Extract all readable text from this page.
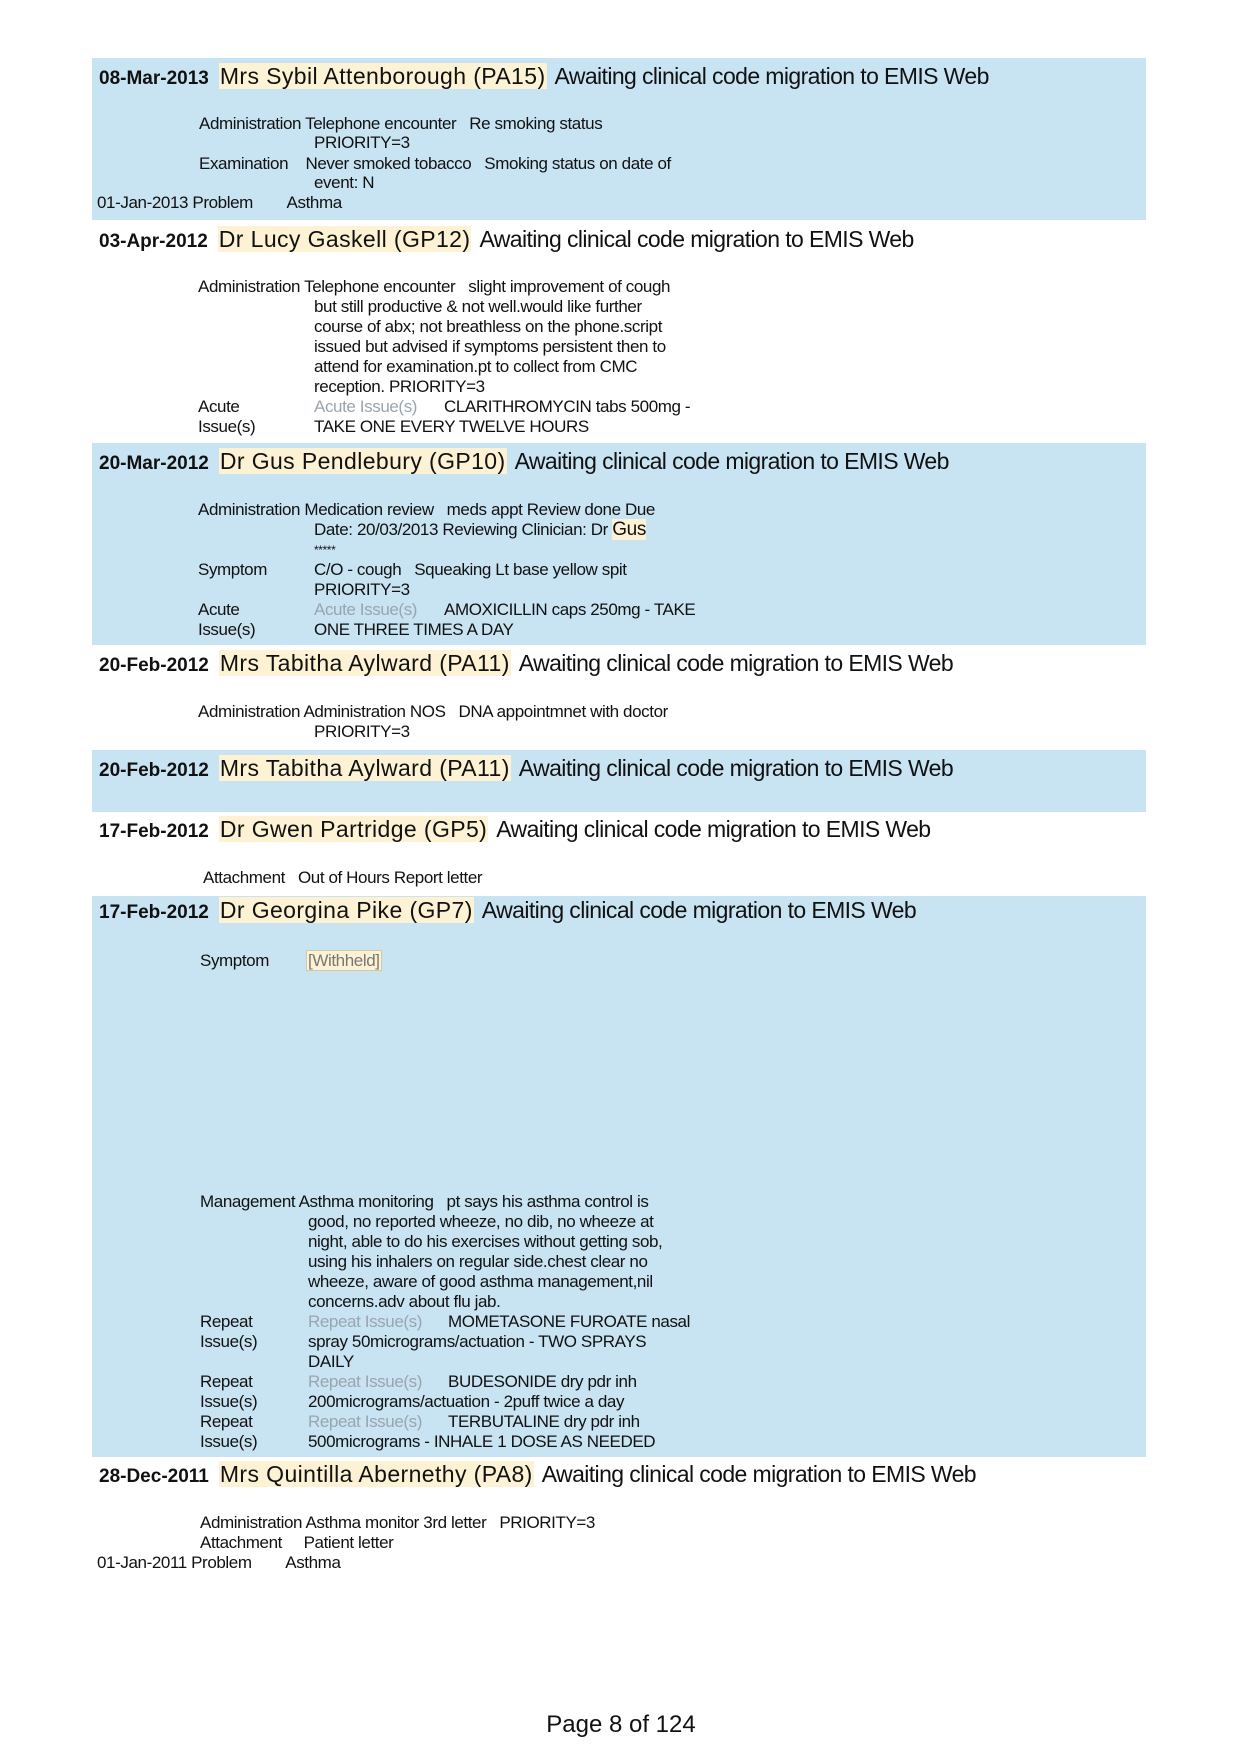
08-Mar-2013 Mrs Sybil Attenborough (PA15) Awaiting clinical code migration to EMIS Web
Administration Telephone encounter   Re smoking status
PRIORITY=3
Examination    Never smoked tobacco   Smoking status on date of
event: N
01-Jan-2013 Problem        Asthma
03-Apr-2012 Dr Lucy Gaskell (GP12) Awaiting clinical code migration to EMIS Web
Administration Telephone encounter   slight improvement of cough
but still productive & not well.would like further
course of abx; not breathless on the phone.script
issued but advised if symptoms persistent then to
attend for examination.pt to collect from CMC
reception. PRIORITY=3
Acute	Acute Issue(s) CLARITHROMYCIN tabs 500mg -
Issue(s)	TAKE ONE EVERY TWELVE HOURS
20-Mar-2012 Dr Gus Pendlebury (GP10) Awaiting clinical code migration to EMIS Web
Administration Medication review   meds appt Review done Due
Date: 20/03/2013 Reviewing Clinician: Dr Gus
*****
Symptom	C/O - cough   Squeaking Lt base yellow spit
PRIORITY=3
Acute	Acute Issue(s) AMOXICILLIN caps 250mg - TAKE
Issue(s)	ONE THREE TIMES A DAY
20-Feb-2012 Mrs Tabitha Aylward (PA11) Awaiting clinical code migration to EMIS Web
Administration Administration NOS   DNA appointmnet with doctor
PRIORITY=3
20-Feb-2012 Mrs Tabitha Aylward (PA11) Awaiting clinical code migration to EMIS Web
17-Feb-2012 Dr Gwen Partridge (GP5) Awaiting clinical code migration to EMIS Web
Attachment   Out of Hours Report letter
17-Feb-2012 Dr Georgina Pike (GP7) Awaiting clinical code migration to EMIS Web
Symptom [Withheld]
Management Asthma monitoring   pt says his asthma control is
good, no reported wheeze, no dib, no wheeze at
night, able to do his exercises without getting sob,
using his inhalers on regular side.chest clear no
wheeze, aware of good asthma management,nil
concerns.adv about flu jab.
Repeat	Repeat Issue(s) MOMETASONE FUROATE nasal
Issue(s)	spray 50micrograms/actuation - TWO SPRAYS
DAILY
Repeat	Repeat Issue(s) BUDESONIDE dry pdr inh
Issue(s)	200micrograms/actuation - 2puff twice a day
Repeat	Repeat Issue(s) TERBUTALINE dry pdr inh
Issue(s)	500micrograms - INHALE 1 DOSE AS NEEDED
28-Dec-2011 Mrs Quintilla Abernethy (PA8) Awaiting clinical code migration to EMIS Web
Administration Asthma monitor 3rd letter   PRIORITY=3
Attachment     Patient letter
01-Jan-2011 Problem        Asthma
Page 8 of 124
